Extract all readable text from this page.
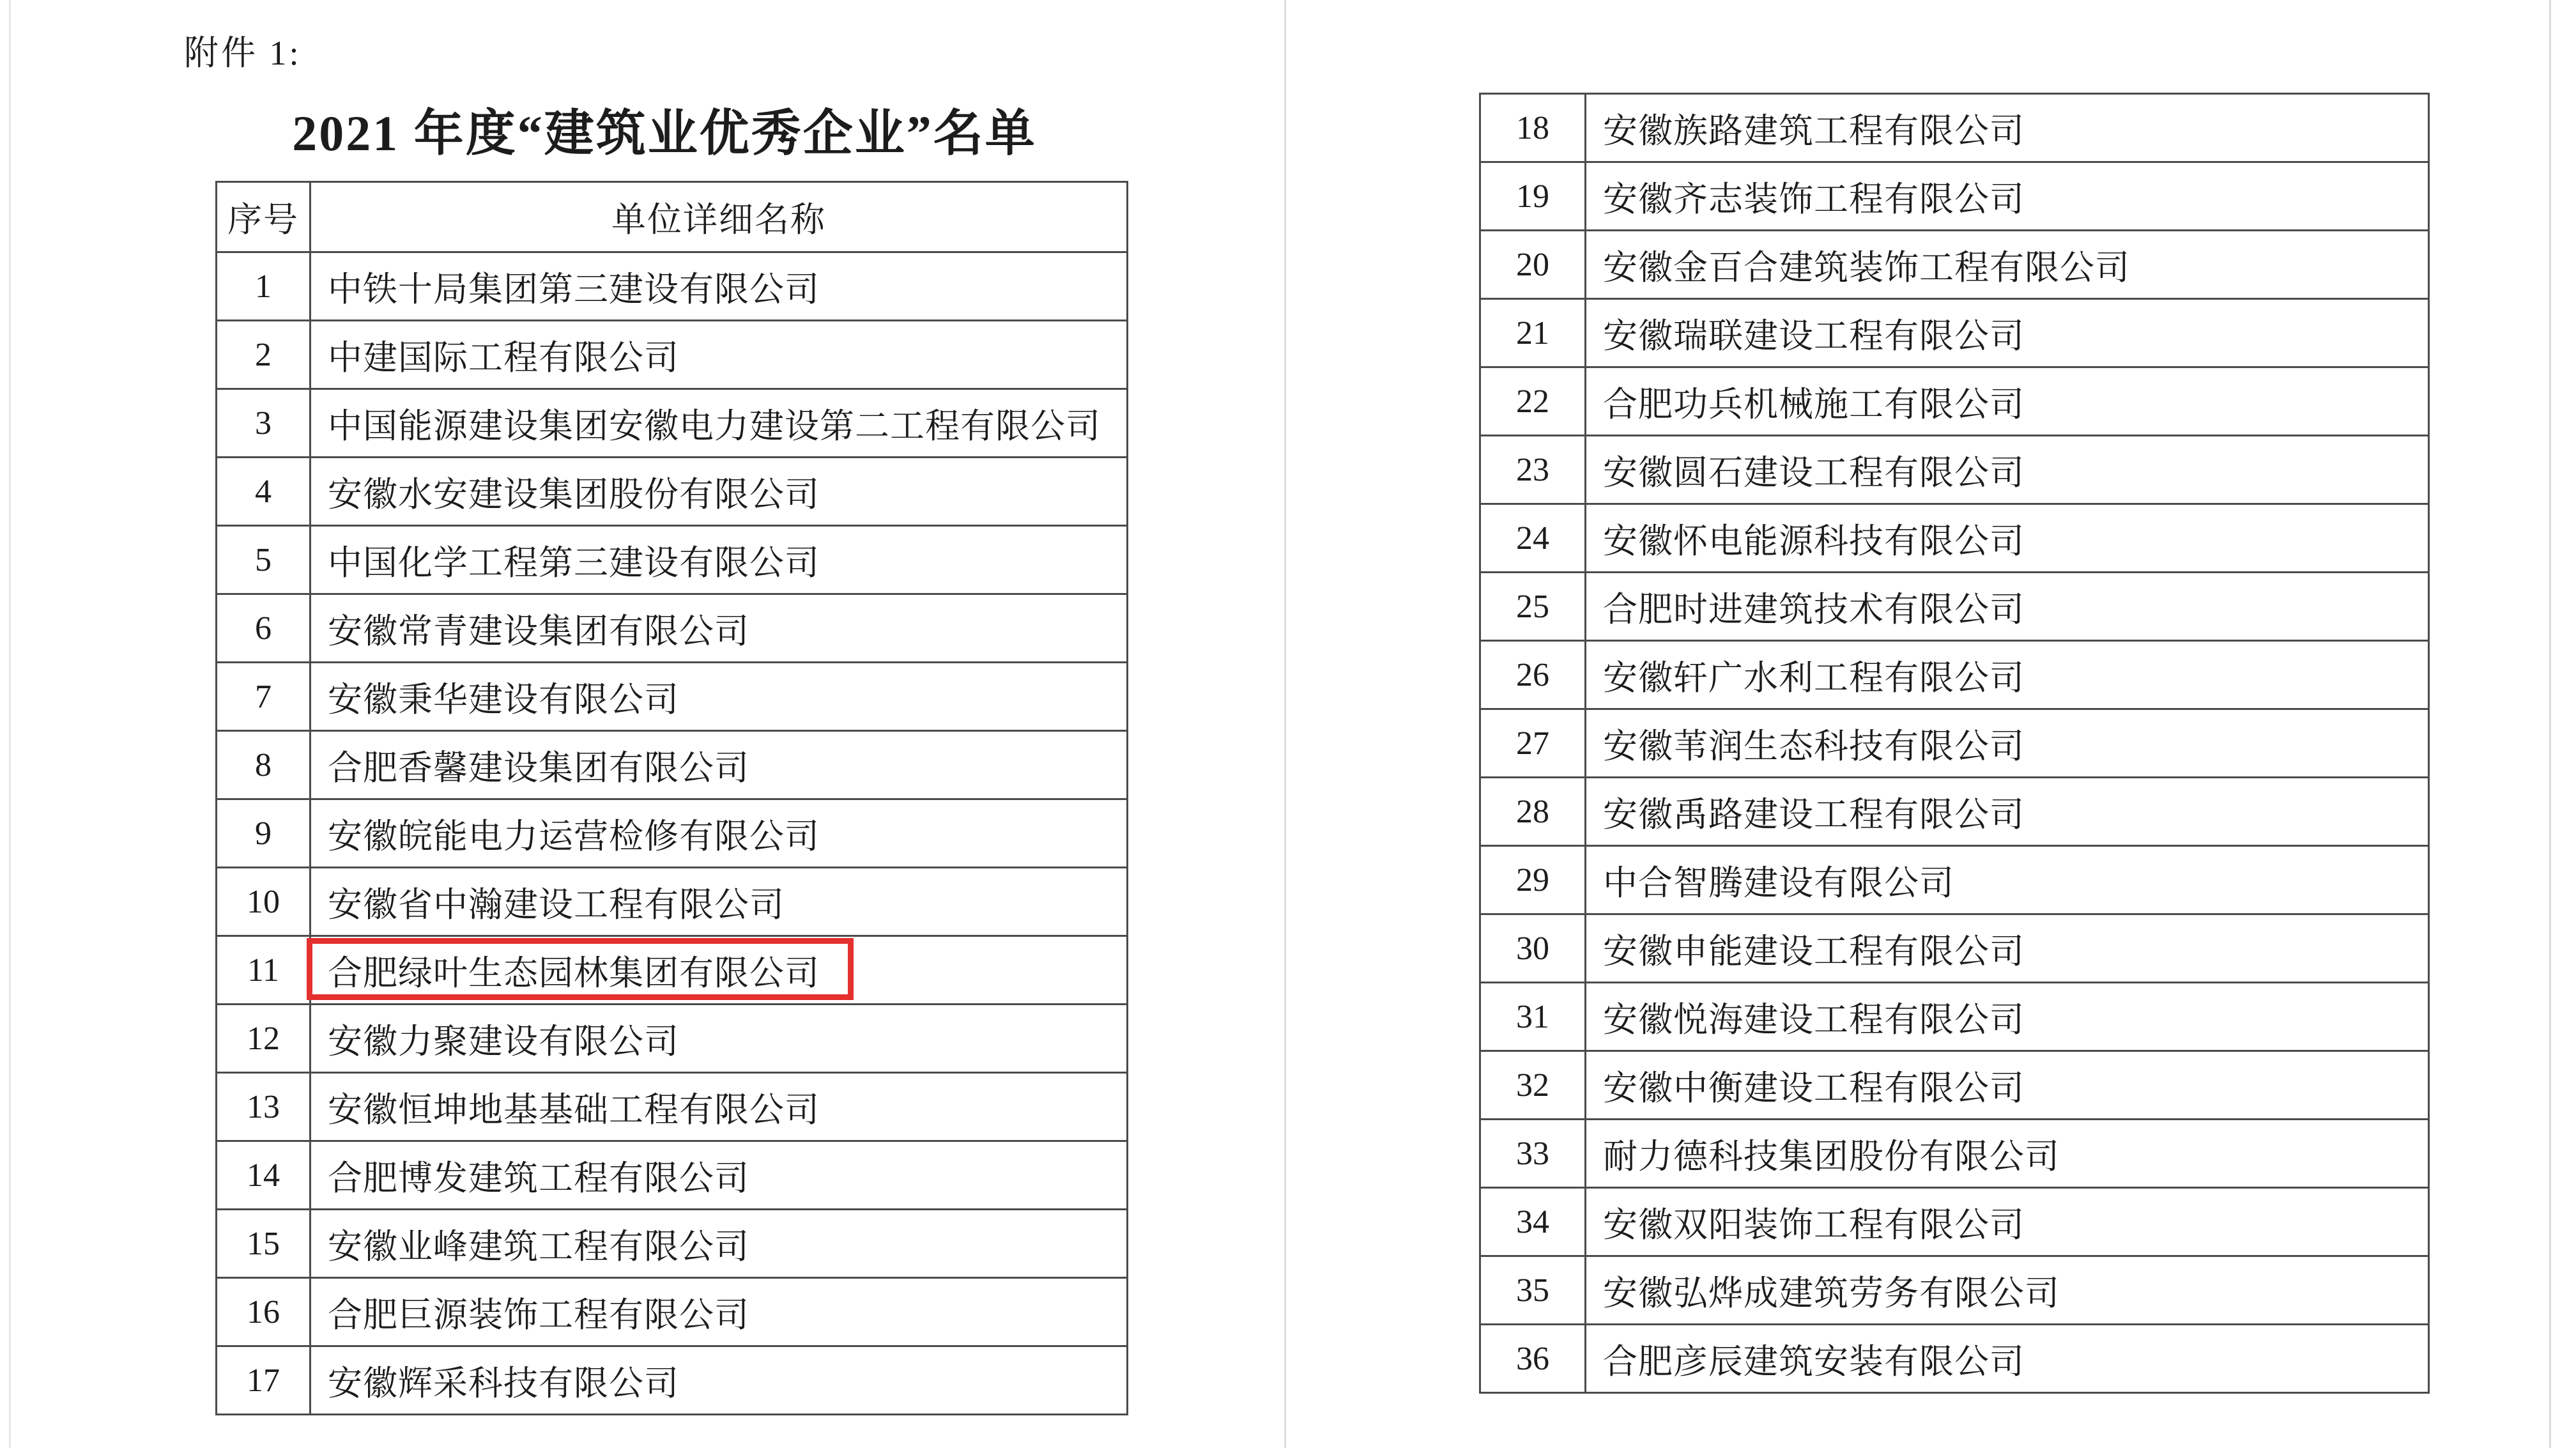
附件 1:
2021 年度“建筑业优秀企业”名单
序号	单位详细名称
1	中铁十局集团第三建设有限公司
2	中建国际工程有限公司
3	中国能源建设集团安徽电力建设第二工程有限公司
4	安徽水安建设集团股份有限公司
5	中国化学工程第三建设有限公司
6	安徽常青建设集团有限公司
7	安徽秉华建设有限公司
8	合肥香馨建设集团有限公司
9	安徽皖能电力运营检修有限公司
10	安徽省中瀚建设工程有限公司
11	合肥绿叶生态园林集团有限公司
12	安徽力聚建设有限公司
13	安徽恒坤地基基础工程有限公司
14	合肥博发建筑工程有限公司
15	安徽业峰建筑工程有限公司
16	合肥巨源装饰工程有限公司
17	安徽辉采科技有限公司
18	安徽族路建筑工程有限公司
19	安徽齐志装饰工程有限公司
20	安徽金百合建筑装饰工程有限公司
21	安徽瑞联建设工程有限公司
22	合肥功兵机械施工有限公司
23	安徽圆石建设工程有限公司
24	安徽怀电能源科技有限公司
25	合肥时进建筑技术有限公司
26	安徽轩广水利工程有限公司
27	安徽苇润生态科技有限公司
28	安徽禹路建设工程有限公司
29	中合智腾建设有限公司
30	安徽申能建设工程有限公司
31	安徽悦海建设工程有限公司
32	安徽中衡建设工程有限公司
33	耐力德科技集团股份有限公司
34	安徽双阳装饰工程有限公司
35	安徽弘烨成建筑劳务有限公司
36	合肥彦辰建筑安装有限公司
